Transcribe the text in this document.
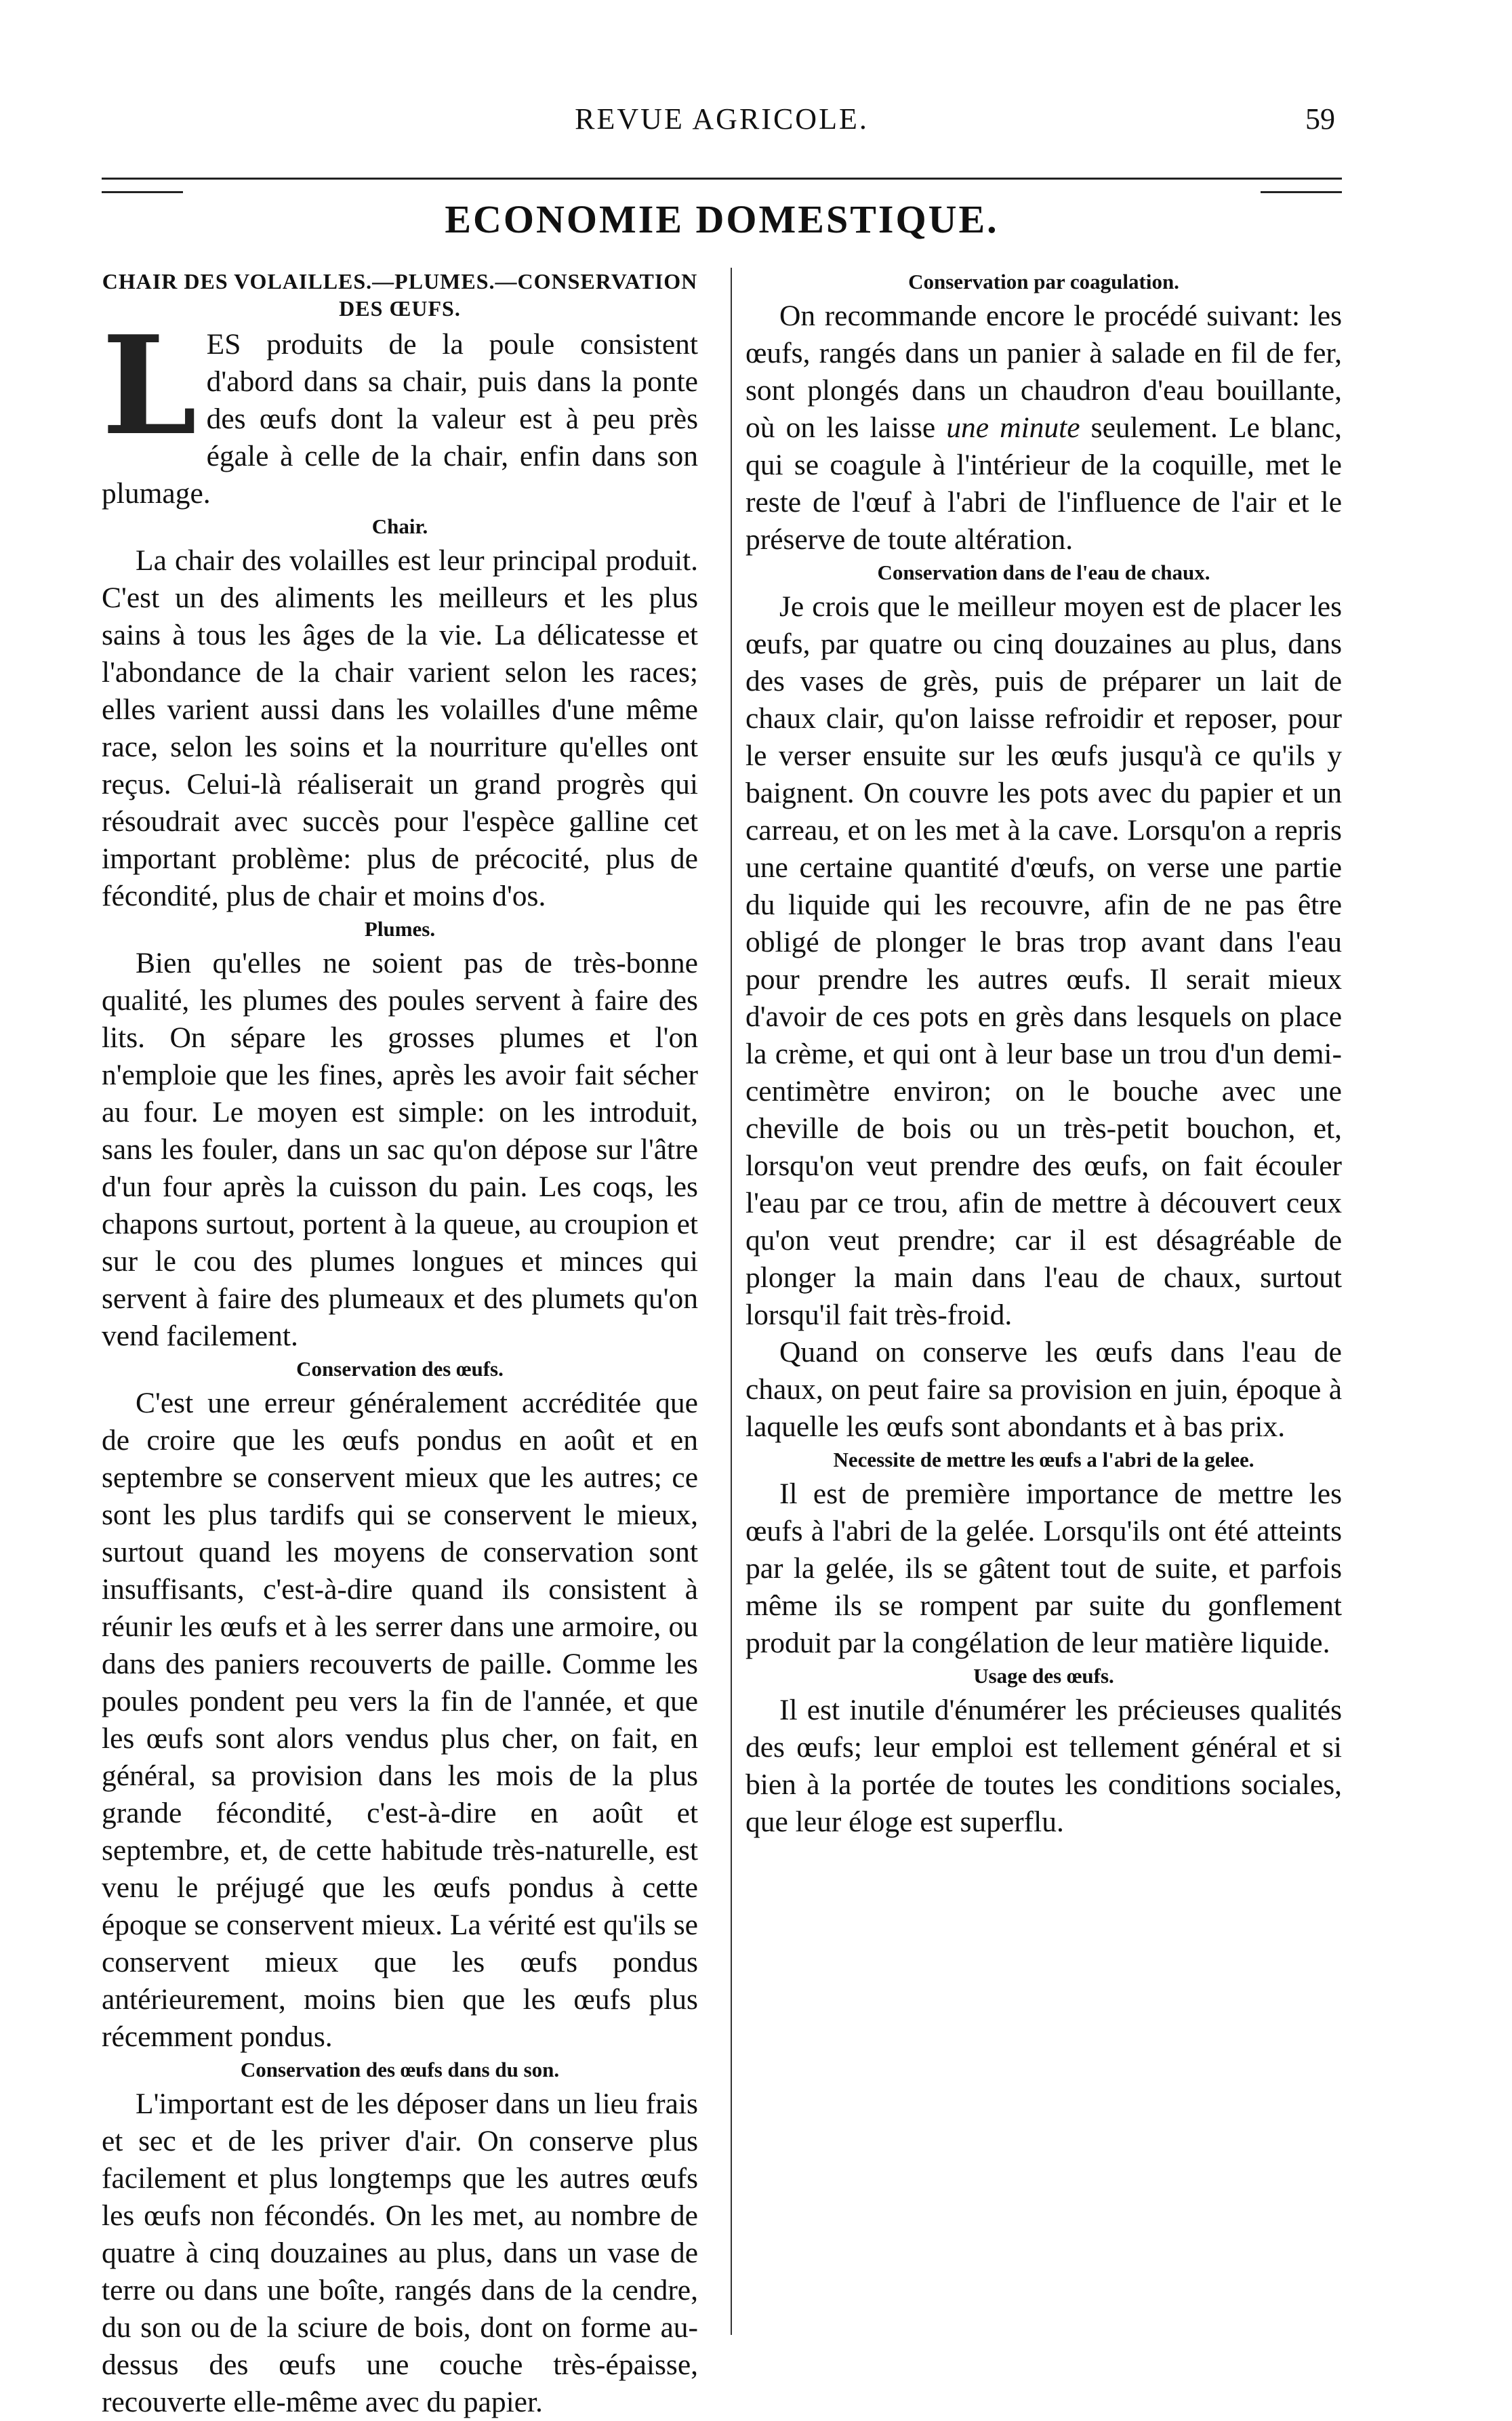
REVUE AGRICOLE.	59
ECONOMIE DOMESTIQUE.
CHAIR DES VOLAILLES.—PLUMES.—CONSERVATION DES ŒUFS.

LES produits de la poule consistent d'abord dans sa chair, puis dans la ponte des œufs dont la valeur est à peu près égale à celle de la chair, enfin dans son plumage.

Chair.

La chair des volailles est leur principal produit. C'est un des aliments les meilleurs et les plus sains à tous les âges de la vie. La délicatesse et l'abondance de la chair varient selon les races; elles varient aussi dans les volailles d'une même race, selon les soins et la nourriture qu'elles ont reçus. Celui-là réaliserait un grand progrès qui résoudrait avec succès pour l'espèce galline cet important problème: plus de précocité, plus de fécondité, plus de chair et moins d'os.

Plumes.

Bien qu'elles ne soient pas de très-bonne qualité, les plumes des poules servent à faire des lits. On sépare les grosses plumes et l'on n'emploie que les fines, après les avoir fait sécher au four. Le moyen est simple: on les introduit, sans les fouler, dans un sac qu'on dépose sur l'âtre d'un four après la cuisson du pain. Les coqs, les chapons surtout, portent à la queue, au croupion et sur le cou des plumes longues et minces qui servent à faire des plumeaux et des plumets qu'on vend facilement.

Conservation des œufs.

C'est une erreur généralement accréditée que de croire que les œufs pondus en août et en septembre se conservent mieux que les autres; ce sont les plus tardifs qui se conservent le mieux, surtout quand les moyens de conservation sont insuffisants, c'est-à-dire quand ils consistent à réunir les œufs et à les serrer dans une armoire, ou dans des paniers recouverts de paille. Comme les poules pondent peu vers la fin de l'année, et que les œufs sont alors vendus plus cher, on fait, en général, sa provision dans les mois de la plus grande fécondité, c'est-à-dire en août et septembre, et, de cette habitude très-naturelle, est venu le préjugé que les œufs pondus à cette époque se conservent mieux. La vérité est qu'ils se conservent mieux que les œufs pondus antérieurement, moins bien que les œufs plus récemment pondus.

Conservation des œufs dans du son.

L'important est de les déposer dans un lieu frais et sec et de les priver d'air. On conserve plus facilement et plus longtemps que les autres œufs les œufs non fécondés. On les met, au nombre de quatre à cinq douzaines au plus, dans un vase de terre ou dans une boîte, rangés dans de la cendre, du son ou de la sciure de bois, dont on forme au-dessus des œufs une couche très-épaisse, recouverte elle-même avec du papier.

Conservation par coagulation.

On recommande encore le procédé suivant: les œufs, rangés dans un panier à salade en fil de fer, sont plongés dans un chaudron d'eau bouillante, où on les laisse une minute seulement. Le blanc, qui se coagule à l'intérieur de la coquille, met le reste de l'œuf à l'abri de l'influence de l'air et le préserve de toute altération.

Conservation dans de l'eau de chaux.

Je crois que le meilleur moyen est de placer les œufs, par quatre ou cinq douzaines au plus, dans des vases de grès, puis de préparer un lait de chaux clair, qu'on laisse refroidir et reposer, pour le verser ensuite sur les œufs jusqu'à ce qu'ils y baignent. On couvre les pots avec du papier et un carreau, et on les met à la cave. Lorsqu'on a repris une certaine quantité d'œufs, on verse une partie du liquide qui les recouvre, afin de ne pas être obligé de plonger le bras trop avant dans l'eau pour prendre les autres œufs. Il serait mieux d'avoir de ces pots en grès dans lesquels on place la crème, et qui ont à leur base un trou d'un demi-centimètre environ; on le bouche avec une cheville de bois ou un très-petit bouchon, et, lorsqu'on veut prendre des œufs, on fait écouler l'eau par ce trou, afin de mettre à découvert ceux qu'on veut prendre; car il est désagréable de plonger la main dans l'eau de chaux, surtout lorsqu'il fait très-froid.

Quand on conserve les œufs dans l'eau de chaux, on peut faire sa provision en juin, époque à laquelle les œufs sont abondants et à bas prix.

Necessite de mettre les œufs a l'abri de la gelee.

Il est de première importance de mettre les œufs à l'abri de la gelée. Lorsqu'ils ont été atteints par la gelée, ils se gâtent tout de suite, et parfois même ils se rompent par suite du gonflement produit par la congélation de leur matière liquide.

Usage des œufs.

Il est inutile d'énumérer les précieuses qualités des œufs; leur emploi est tellement général et si bien à la portée de toutes les conditions sociales, que leur éloge est superflu.
